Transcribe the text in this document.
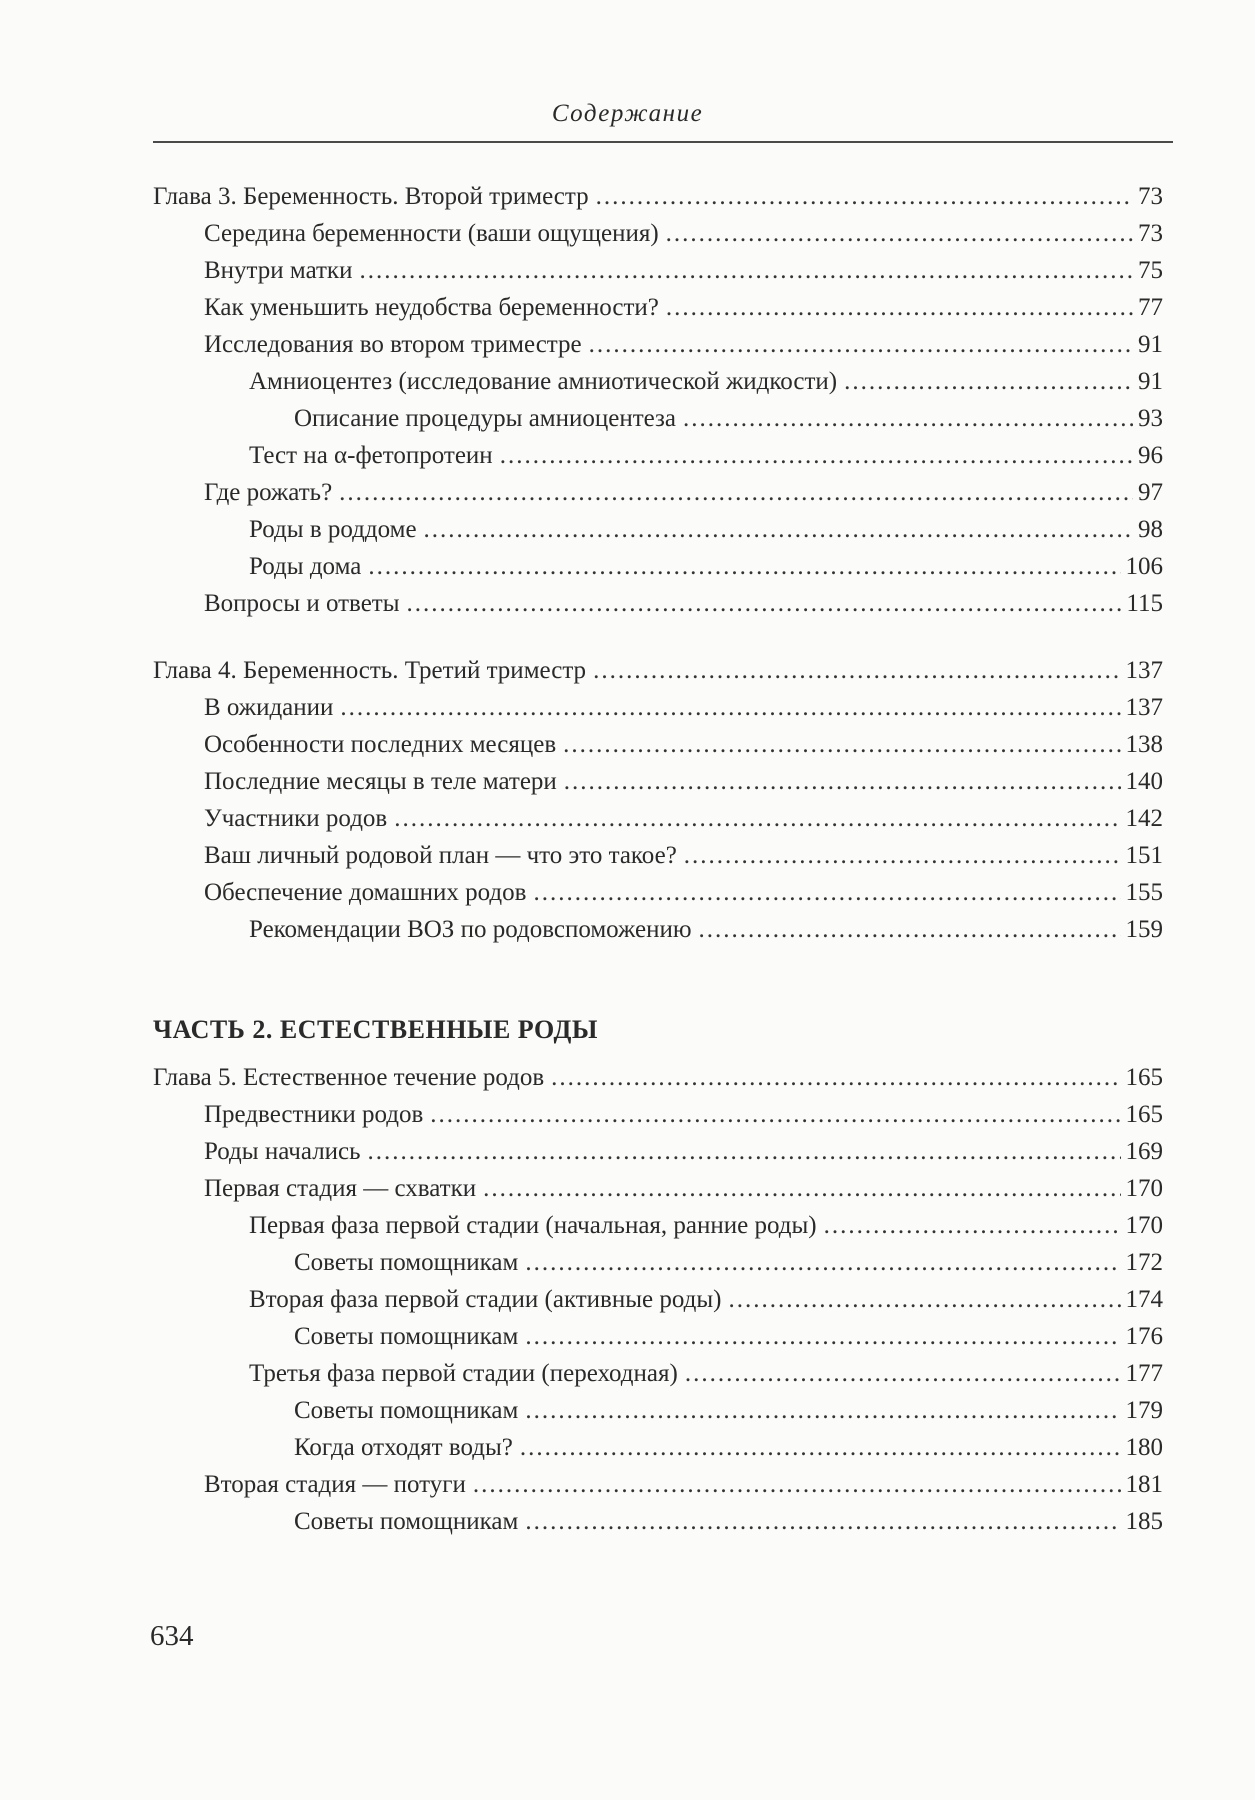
Содержание
Глава 3. Беременность. Второй триместр .....	73
Середина беременности (ваши ощущения) .....	73
Внутри матки .....	75
Как уменьшить неудобства беременности? .....	77
Исследования во втором триместре .....	91
Амниоцентез (исследование амниотической жидкости) .....	91
Описание процедуры амниоцентеза .....	93
Тест на α-фетопротеин .....	96
Где рожать? .....	97
Роды в роддоме .....	98
Роды дома .....	106
Вопросы и ответы .....	115
Глава 4. Беременность. Третий триместр .....	137
В ожидании .....	137
Особенности последних месяцев .....	138
Последние месяцы в теле матери .....	140
Участники родов .....	142
Ваш личный родовой план — что это такое? .....	151
Обеспечение домашних родов .....	155
Рекомендации ВОЗ по родовспоможению .....	159
ЧАСТЬ 2. ЕСТЕСТВЕННЫЕ РОДЫ
Глава 5. Естественное течение родов .....	165
Предвестники родов .....	165
Роды начались .....	169
Первая стадия — схватки .....	170
Первая фаза первой стадии (начальная, ранние роды) .....	170
Советы помощникам .....	172
Вторая фаза первой стадии (активные роды) .....	174
Советы помощникам .....	176
Третья фаза первой стадии (переходная) .....	177
Советы помощникам .....	179
Когда отходят воды? .....	180
Вторая стадия — потуги .....	181
Советы помощникам .....	185
634
